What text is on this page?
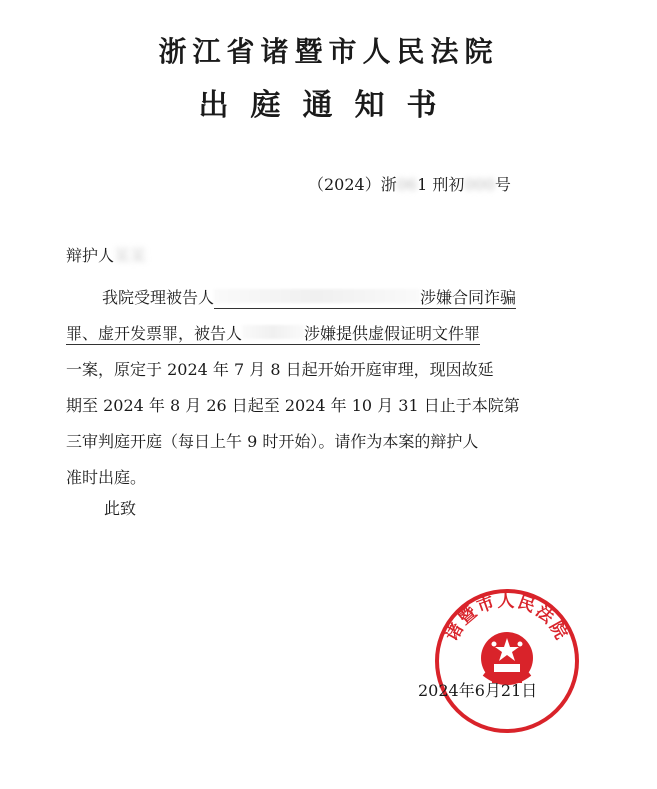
浙江省诸暨市人民法院
出庭通知书
（2024）浙061 刑初000号
辩护人某某

我院受理被告人	涉嫌合同诈骗

罪、虚开发票罪，被告人	涉嫌提供虚假证明文件罪

一案，原定于 2024 年 7 月 8 日起开始开庭审理，现因故延

期至 2024 年 8 月 26 日起至 2024 年 10 月 31 日止于本院第

三审判庭开庭（每日上午 9 时开始）。请作为本案的辩护人

准时出庭。

此致
诸暨市人民法院
2024年6月21日
